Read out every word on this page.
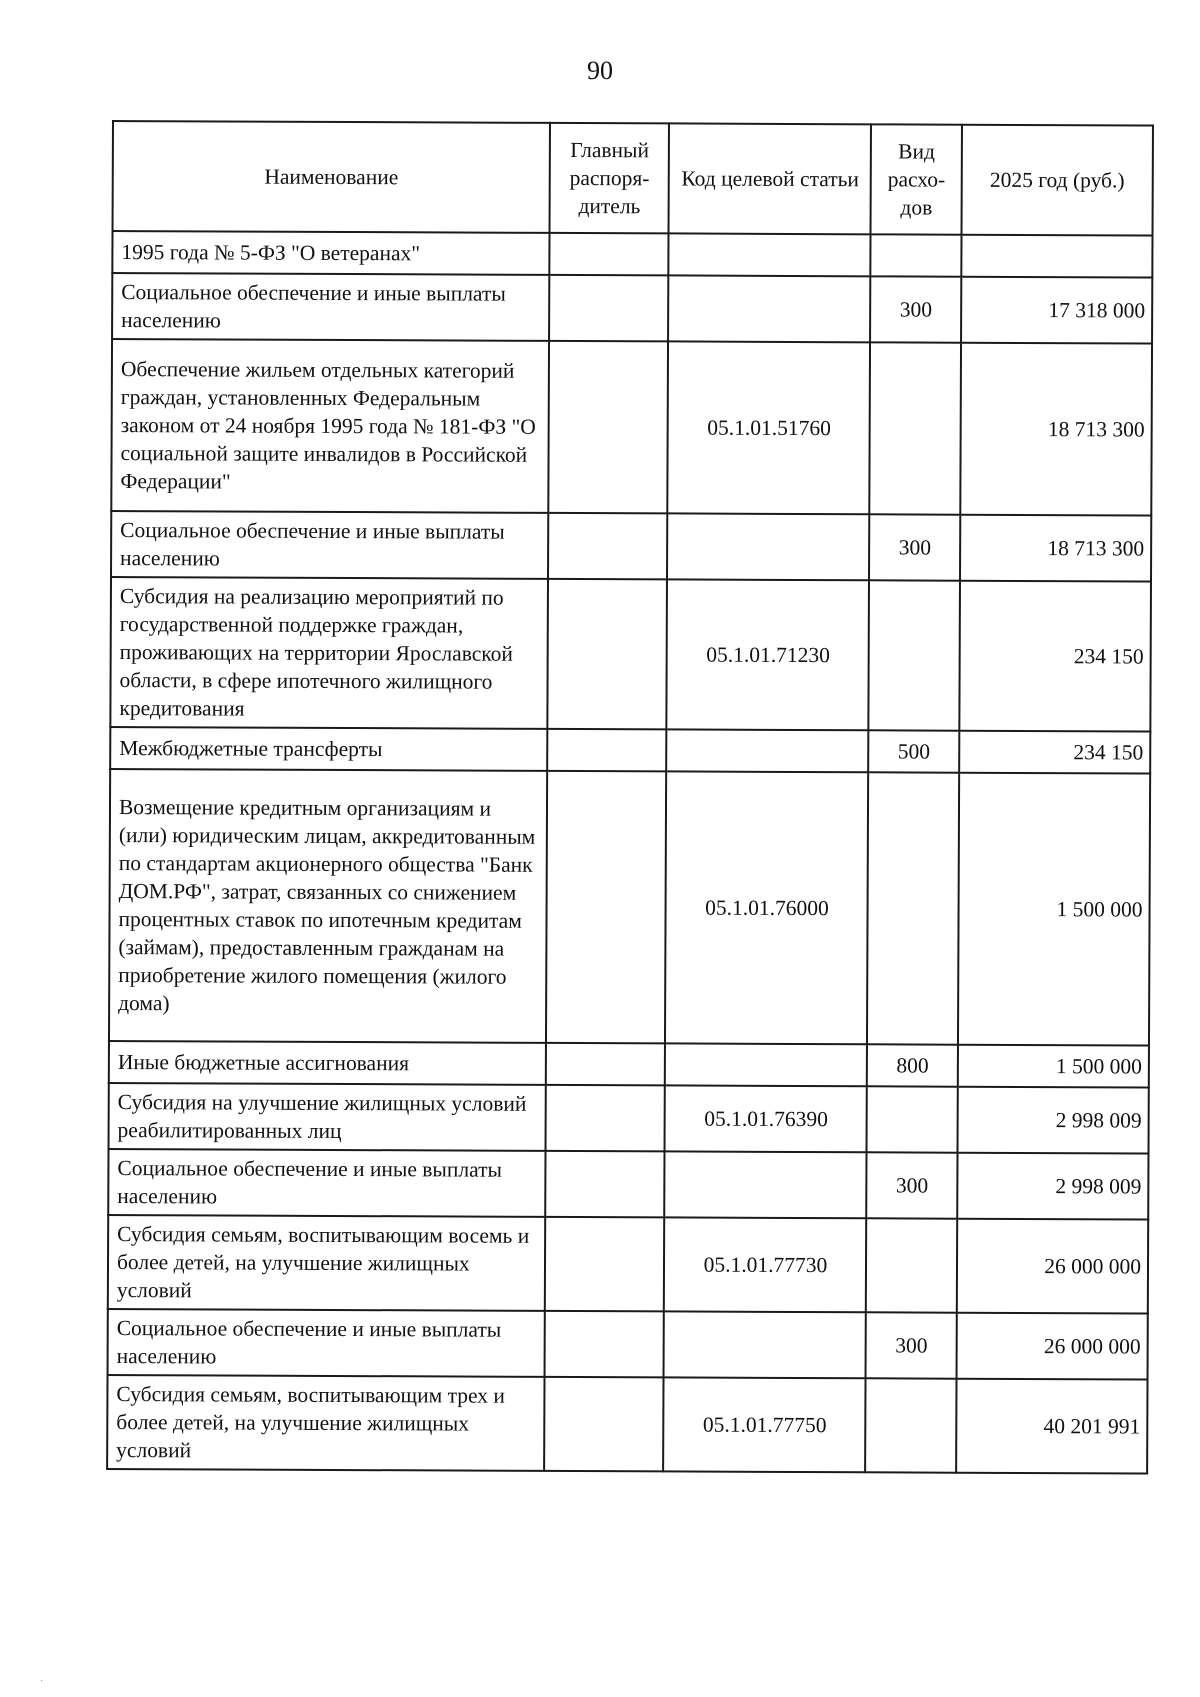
90
Наименование	Главный распоря-дитель	Код целевой статьи	Вид расхо-дов	2025 год (руб.)
1995 года № 5-ФЗ "О ветеранах"				
Социальное обеспечение и иные выплаты населению			300	17 318 000
Обеспечение жильем отдельных категорий граждан, установленных Федеральным законом от 24 ноября 1995 года № 181-ФЗ "О социальной защите инвалидов в Российской Федерации"		05.1.01.51760		18 713 300
Социальное обеспечение и иные выплаты населению			300	18 713 300
Субсидия на реализацию мероприятий по государственной поддержке граждан, проживающих на территории Ярославской области, в сфере ипотечного жилищного кредитования		05.1.01.71230		234 150
Межбюджетные трансферты			500	234 150
Возмещение кредитным организациям и (или) юридическим лицам, аккредитованным по стандартам акционерного общества "Банк ДОМ.РФ", затрат, связанных со снижением процентных ставок по ипотечным кредитам (займам), предоставленным гражданам на приобретение жилого помещения (жилого дома)		05.1.01.76000		1 500 000
Иные бюджетные ассигнования			800	1 500 000
Субсидия на улучшение жилищных условий реабилитированных лиц		05.1.01.76390		2 998 009
Социальное обеспечение и иные выплаты населению			300	2 998 009
Субсидия семьям, воспитывающим восемь и более детей, на улучшение жилищных условий		05.1.01.77730		26 000 000
Социальное обеспечение и иные выплаты населению			300	26 000 000
Субсидия семьям, воспитывающим трех и более детей, на улучшение жилищных условий		05.1.01.77750		40 201 991
·
